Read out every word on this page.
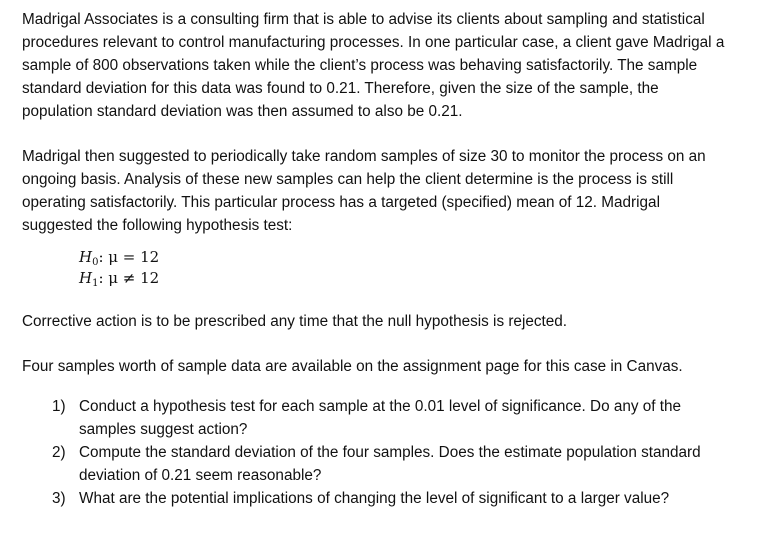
Madrigal Associates is a consulting firm that is able to advise its clients about sampling and statistical
procedures relevant to control manufacturing processes. In one particular case, a client gave Madrigal a
sample of 800 observations taken while the client’s process was behaving satisfactorily. The sample
standard deviation for this data was found to 0.21. Therefore, given the size of the sample, the
population standard deviation was then assumed to also be 0.21.

Madrigal then suggested to periodically take random samples of size 30 to monitor the process on an
ongoing basis. Analysis of these new samples can help the client determine is the process is still
operating satisfactorily. This particular process has a targeted (specified) mean of 12. Madrigal
suggested the following hypothesis test:

$H_0$: μ = 12
$H_1$: μ ≠ 12

Corrective action is to be prescribed any time that the null hypothesis is rejected.

Four samples worth of sample data are available on the assignment page for this case in Canvas.

1) Conduct a hypothesis test for each sample at the 0.01 level of significance. Do any of the
samples suggest action?
2) Compute the standard deviation of the four samples. Does the estimate population standard
deviation of 0.21 seem reasonable?
3) What are the potential implications of changing the level of significant to a larger value?
